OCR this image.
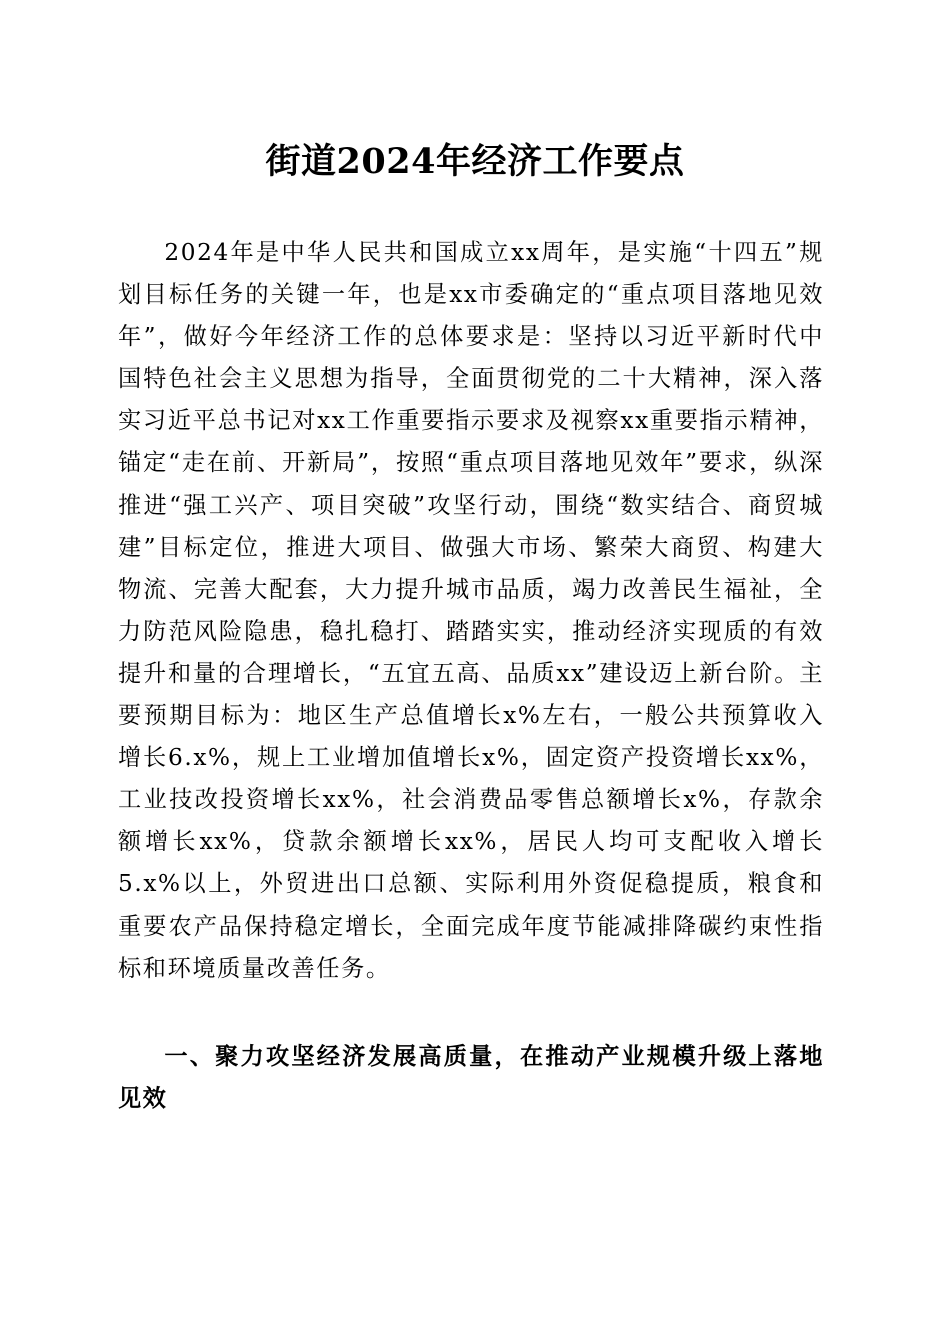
街道2024年经济工作要点

2024年是中华人民共和国成立xx周年，是实施“十四五”规划目标任务的关键一年，也是xx市委确定的“重点项目落地见效年”，做好今年经济工作的总体要求是：坚持以习近平新时代中国特色社会主义思想为指导，全面贯彻党的二十大精神，深入落实习近平总书记对xx工作重要指示要求及视察xx重要指示精神，锚定“走在前、开新局”，按照“重点项目落地见效年”要求，纵深推进“强工兴产、项目突破”攻坚行动，围绕“数实结合、商贸城建”目标定位，推进大项目、做强大市场、繁荣大商贸、构建大物流、完善大配套，大力提升城市品质，竭力改善民生福祉，全力防范风险隐患，稳扎稳打、踏踏实实，推动经济实现质的有效提升和量的合理增长，“五宜五高、品质xx”建设迈上新台阶。主要预期目标为：地区生产总值增长x%左右，一般公共预算收入增长6.x%，规上工业增加值增长x%，固定资产投资增长xx%，工业技改投资增长xx%，社会消费品零售总额增长x%，存款余额增长xx%，贷款余额增长xx%，居民人均可支配收入增长5.x%以上，外贸进出口总额、实际利用外资促稳提质，粮食和重要农产品保持稳定增长，全面完成年度节能减排降碳约束性指标和环境质量改善任务。

一、聚力攻坚经济发展高质量，在推动产业规模升级上落地见效
